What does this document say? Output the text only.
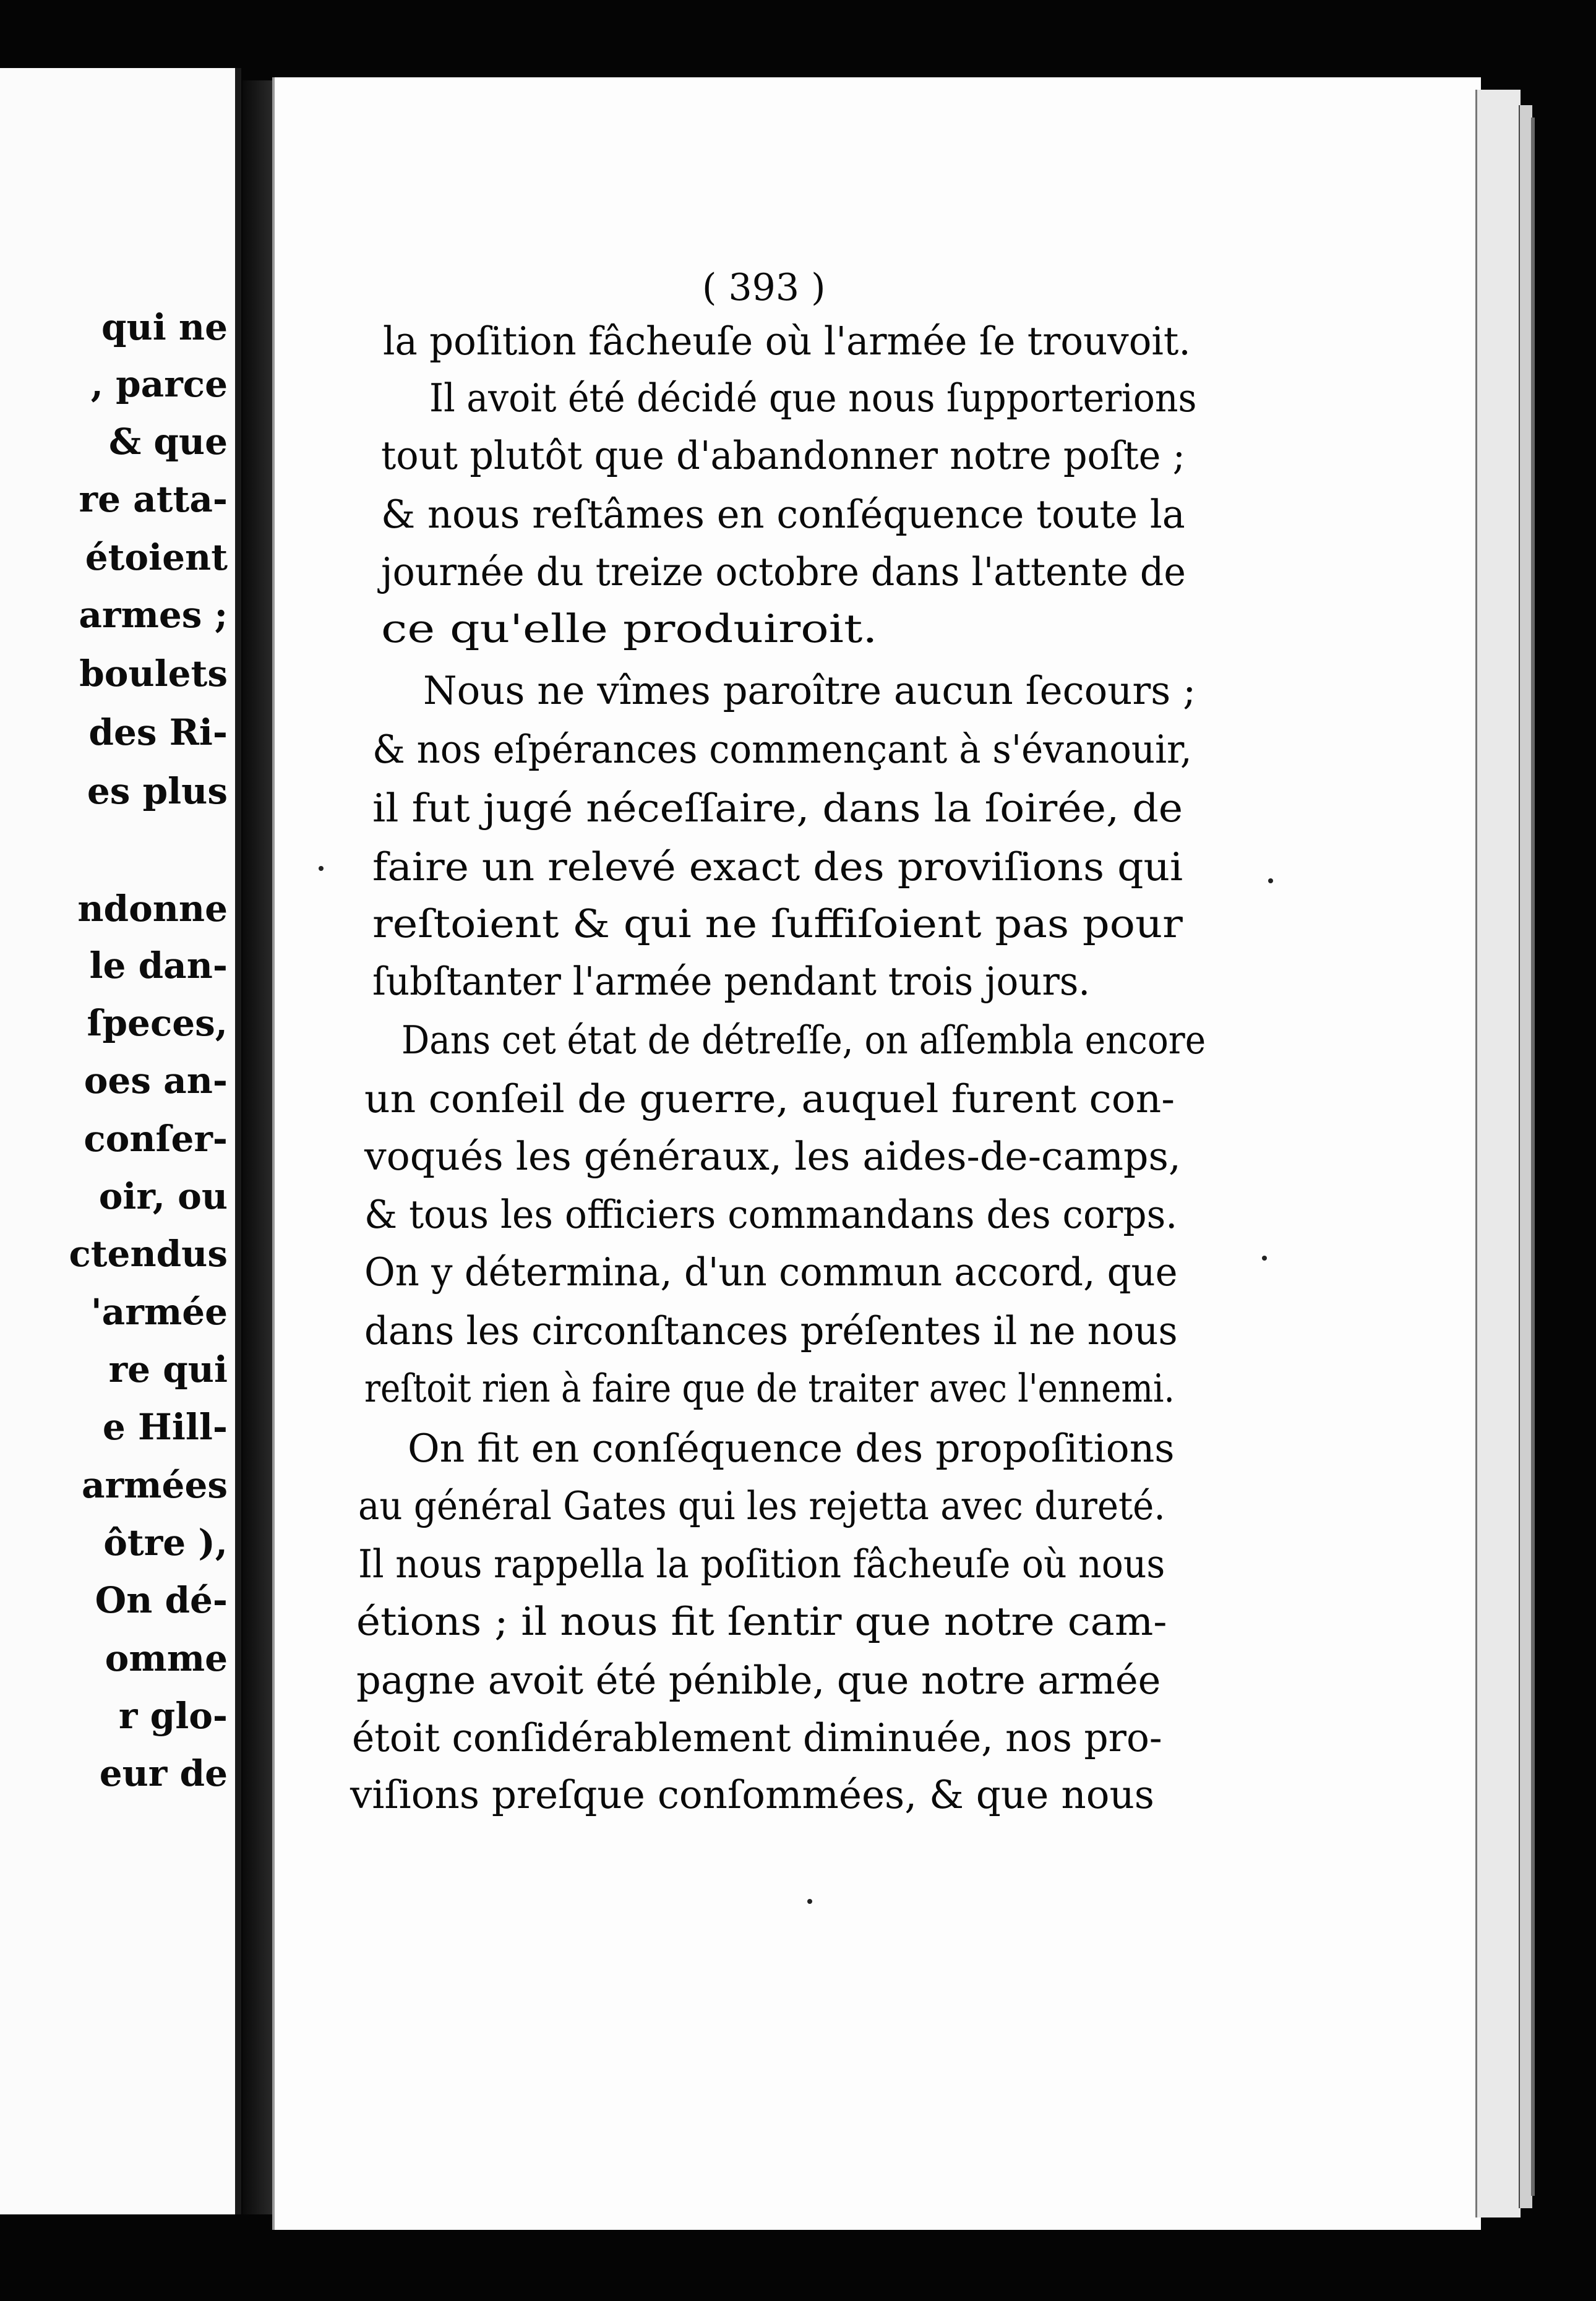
qui ne
, parce
& que
re atta-
étoient
armes ;
boulets
des Ri-
es plus
ndonne
le dan-
ſpeces,
oes an-
conſer-
oir, ou
ctendus
'armée
re qui
e Hill-
armées
ôtre ),
On dé-
omme
r glo-
eur de
la poſition fâcheuſe où l'armée ſe trouvoit.
Il avoit été décidé que nous ſupporterions
tout plutôt que d'abandonner notre poſte ;
& nous reſtâmes en conſéquence toute la
journée du treize octobre dans l'attente de
ce qu'elle produiroit.
Nous ne vîmes paroître aucun ſecours ;
& nos eſpérances commençant à s'évanouir,
il fut jugé néceſſaire, dans la ſoirée, de
faire un relevé exact des proviſions qui
reſtoient & qui ne ſuffiſoient pas pour
ſubſtanter l'armée pendant trois jours.
Dans cet état de détreſſe, on aſſembla encore
un conſeil de guerre, auquel furent con-
voqués les généraux, les aides-de-camps,
& tous les officiers commandans des corps.
On y détermina, d'un commun accord, que
dans les circonſtances préſentes il ne nous
reſtoit rien à faire que de traiter avec l'ennemi.
On fit en conſéquence des propoſitions
au général Gates qui les rejetta avec dureté.
Il nous rappella la poſition fâcheuſe où nous
étions ; il nous fit ſentir que notre cam-
pagne avoit été pénible, que notre armée
étoit conſidérablement diminuée, nos pro-
viſions preſque conſommées, & que nous
( 393 )
